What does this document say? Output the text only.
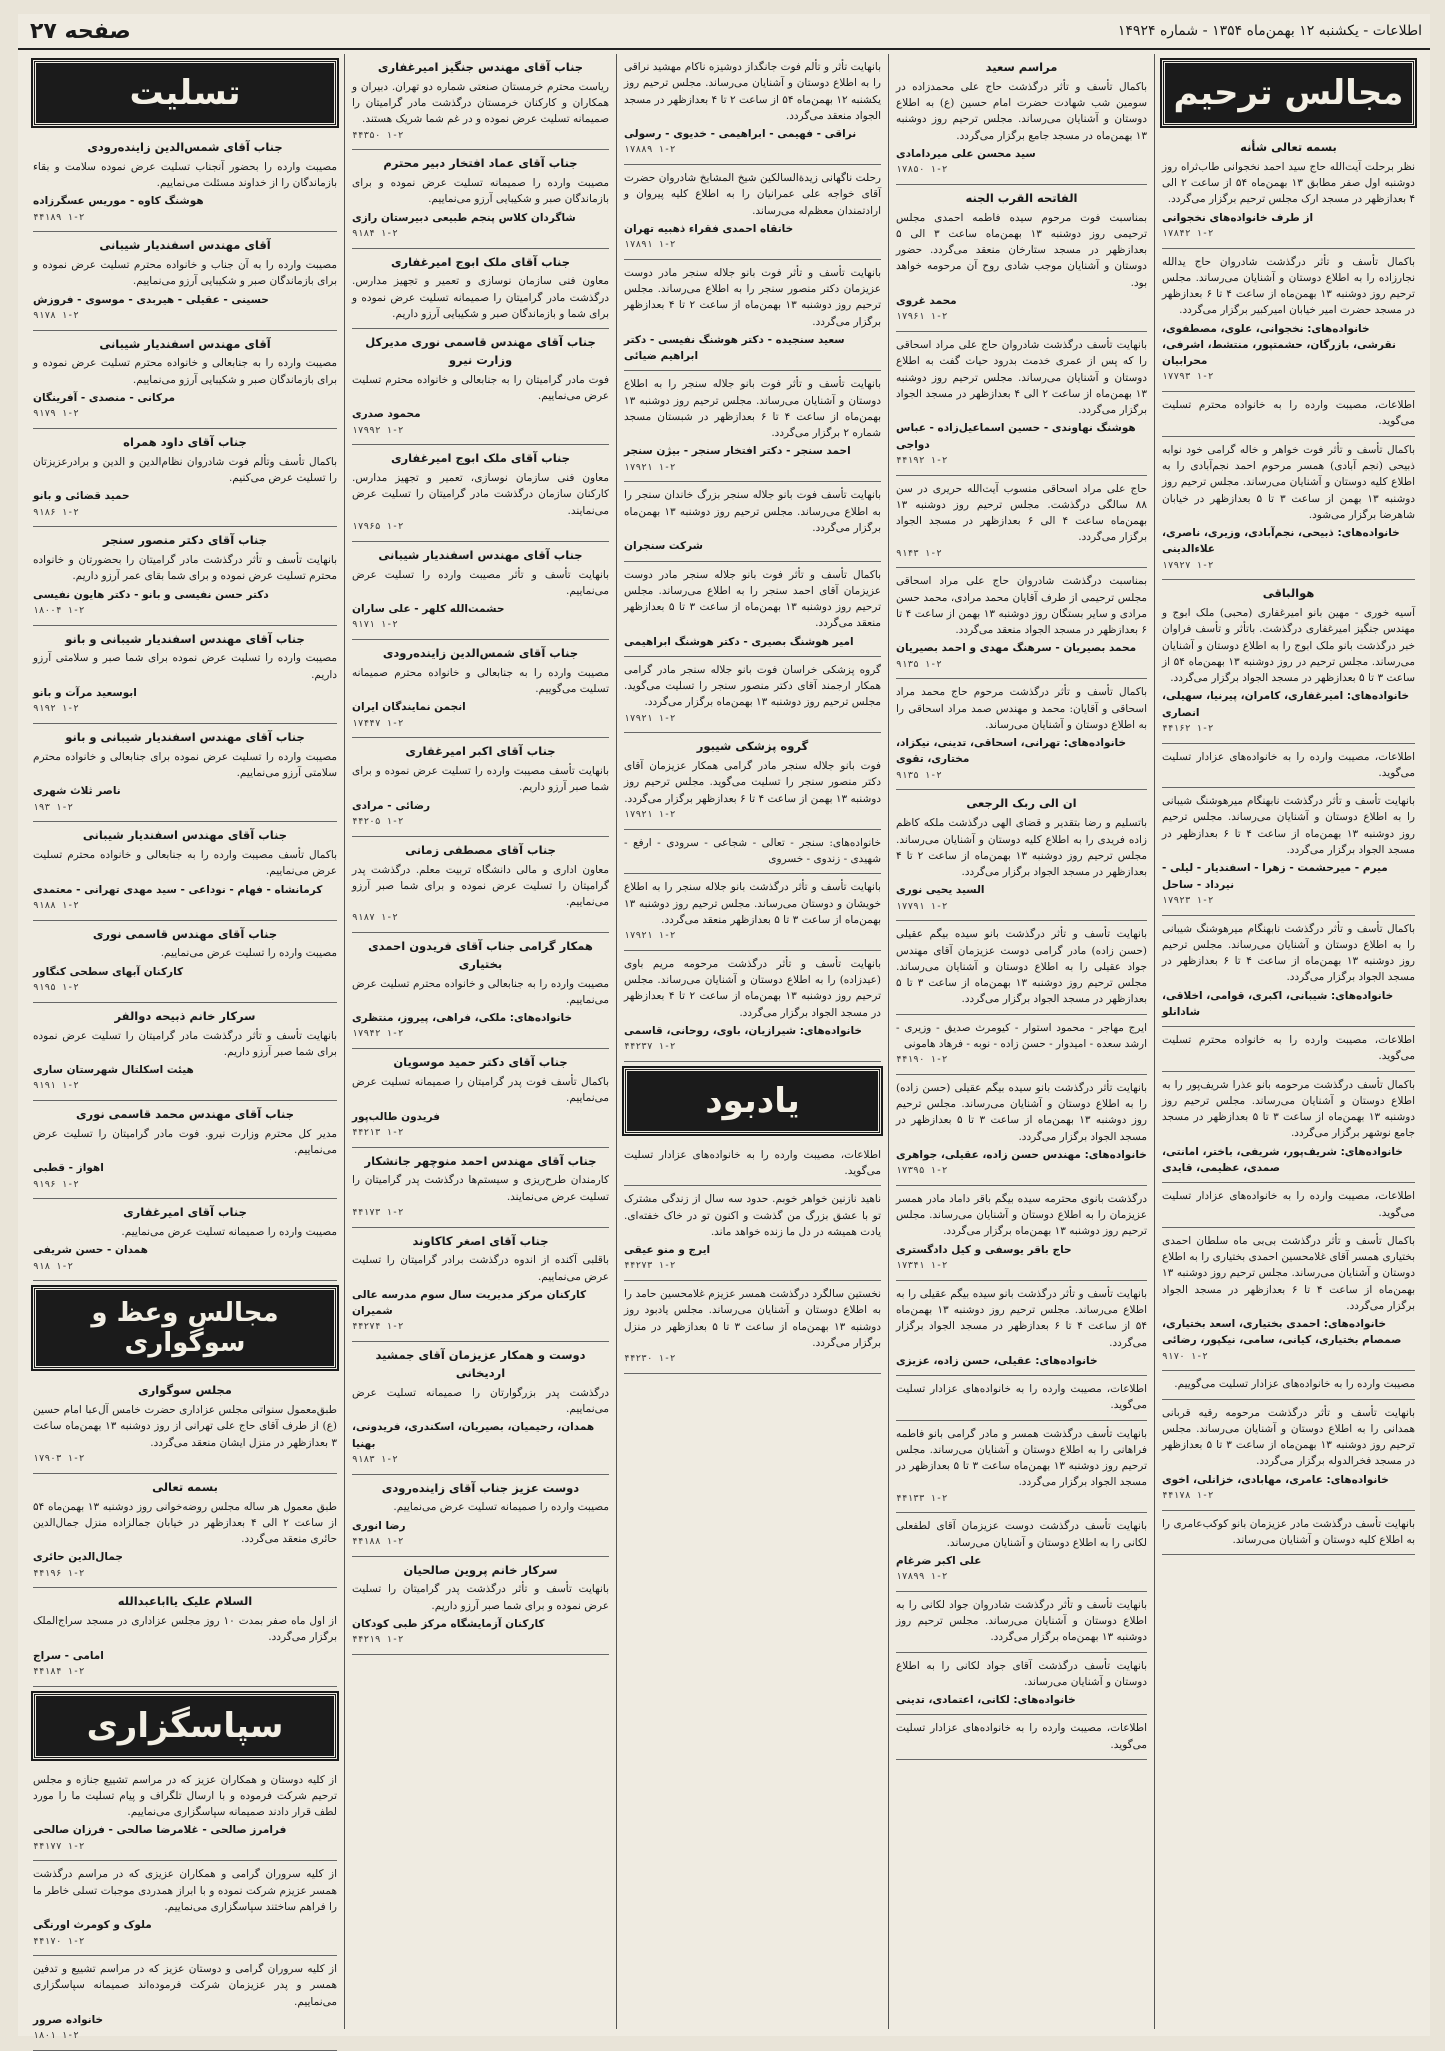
اطلاعات - یکشنبه ۱۲ بهمن‌ماه ۱۳۵۴ - شماره ۱۴۹۲۴
صفحه ۲۷
مجالس ترحیم
بسمه تعالی شأنه
نظر برحلت آیت‌الله حاج سید احمد نخجوانی طاب‌ثراه روز دوشنبه اول صفر مطابق ۱۳ بهمن‌ماه ۵۴ از ساعت ۲ الی ۴ بعدازظهر در مسجد ارک مجلس ترحیم برگزار می‌گردد.
از طرف خانواده‌های نخجوانی
۱-۲ ۱۷۸۴۲
باکمال تأسف و تأثر درگذشت شادروان حاج یدالله نجارزاده را به اطلاع دوستان و آشنایان می‌رساند. مجلس ترحیم روز دوشنبه ۱۳ بهمن‌ماه از ساعت ۴ تا ۶ بعدازظهر در مسجد حضرت امیر خیابان امیرکبیر برگزار می‌گردد.
خانواده‌های: نخجوانی، علوی، مصطفوی، نقرشی، بازرگان، حشمتپور، منتشط، اشرفی، محرابیان
۱-۲ ۱۷۷۹۳
اطلاعات، مصیبت وارده را به خانواده محترم تسلیت می‌گوید.
باکمال تأسف و تأثر فوت خواهر و خاله گرامی خود نوابه ذبیحی (نجم آبادی) همسر مرحوم احمد نجم‌آبادی را به اطلاع کلیه دوستان و آشنایان می‌رساند. مجلس ترحیم روز دوشنبه ۱۳ بهمن از ساعت ۳ تا ۵ بعدازظهر در خیابان شاهرضا برگزار می‌شود.
خانواده‌های: ذبیحی، نجم‌آبادی، وزیری، ناصری، علاءالدینی
۱-۲ ۱۷۹۲۷
هوالباقی
آسیه خوری - مهین بانو امیرغفاری (محبی) ملک ابوج و مهندس جنگیز امیرغفاری درگذشت. باتأثر و تأسف فراوان خبر درگذشت بانو ملک ابوج را به اطلاع دوستان و آشنایان می‌رساند. مجلس ترحیم در روز دوشنبه ۱۳ بهمن‌ماه ۵۴ از ساعت ۳ تا ۵ بعدازظهر در مسجد الجواد برگزار می‌گردد.
خانواده‌های: امیرغفاری، کامران، پیرنیا، سهیلی، انصاری
۱-۲ ۴۴۱۶۲
اطلاعات، مصیبت وارده را به خانواده‌های عزادار تسلیت می‌گوید.
بانهایت تأسف و تأثر درگذشت نابهنگام میرهوشنگ شیبانی را به اطلاع دوستان و آشنایان می‌رساند. مجلس ترحیم روز دوشنبه ۱۳ بهمن‌ماه از ساعت ۴ تا ۶ بعدازظهر در مسجد الجواد برگزار می‌گردد.
میرم - میرحشمت - زهرا - اسفندیار - لیلی - نیرداد - ساحل
۱-۲ ۱۷۹۲۳
باکمال تأسف و تأثر درگذشت نابهنگام میرهوشنگ شیبانی را به اطلاع دوستان و آشنایان می‌رساند. مجلس ترحیم روز دوشنبه ۱۳ بهمن‌ماه از ساعت ۴ تا ۶ بعدازظهر در مسجد الجواد برگزار می‌گردد.
خانواده‌های: شیبانی، اکبری، قوامی، اخلاقی، شادانلو
اطلاعات، مصیبت وارده را به خانواده محترم تسلیت می‌گوید.
باکمال تأسف درگذشت مرحومه بانو عذرا شریف‌پور را به اطلاع دوستان و آشنایان می‌رساند. مجلس ترحیم روز دوشنبه ۱۳ بهمن‌ماه از ساعت ۳ تا ۵ بعدازظهر در مسجد جامع نوشهر برگزار می‌گردد.
خانواده‌های: شریف‌پور، شریفی، باختر، امانتی، صمدی، عظیمی، قایدی
اطلاعات، مصیبت وارده را به خانواده‌های عزادار تسلیت می‌گوید.
باکمال تأسف و تأثر درگذشت بی‌بی ماه سلطان احمدی بختیاری همسر آقای غلامحسین احمدی بختیاری را به اطلاع دوستان و آشنایان می‌رساند. مجلس ترحیم روز دوشنبه ۱۳ بهمن‌ماه از ساعت ۴ تا ۶ بعدازظهر در مسجد الجواد برگزار می‌گردد.
خانواده‌های: احمدی بختیاری، اسعد بختیاری، صمصام بختیاری، کیانی، سامی، نیکپور، رضائی
۱-۲ ۹۱۷۰
مصیبت وارده را به خانواده‌های عزادار تسلیت می‌گوییم.
بانهایت تأسف و تأثر درگذشت مرحومه رقیه قربانی همدانی را به اطلاع دوستان و آشنایان می‌رساند. مجلس ترحیم روز دوشنبه ۱۳ بهمن‌ماه از ساعت ۳ تا ۵ بعدازظهر در مسجد فخرالدوله برگزار می‌گردد.
خانواده‌های: عامری، مهابادی، خزانلی، اخوی
۱-۲ ۴۴۱۷۸
بانهایت تأسف درگذشت مادر عزیزمان بانو کوکب‌عامری را به اطلاع کلیه دوستان و آشنایان می‌رساند.
مراسم سعید
باکمال تأسف و تأثر درگذشت حاج علی محمدزاده در سومین شب شهادت حضرت امام حسین (ع) به اطلاع دوستان و آشنایان می‌رساند. مجلس ترحیم روز دوشنبه ۱۳ بهمن‌ماه در مسجد جامع برگزار می‌گردد.
سید محسن علی میردامادی
۱-۲ ۱۷۸۵۰
الفاتحه القرب الجنه
بمناسبت فوت مرحوم سیده فاطمه احمدی مجلس ترحیمی روز دوشنبه ۱۳ بهمن‌ماه ساعت ۳ الی ۵ بعدازظهر در مسجد ستارخان منعقد می‌گردد. حضور دوستان و آشنایان موجب شادی روح آن مرحومه خواهد بود.
محمد غروی
۱-۲ ۱۷۹۶۱
بانهایت تأسف درگذشت شادروان حاج علی مراد اسحاقی را که پس از عمری خدمت بدرود حیات گفت به اطلاع دوستان و آشنایان می‌رساند. مجلس ترحیم روز دوشنبه ۱۳ بهمن‌ماه از ساعت ۲ الی ۴ بعدازظهر در مسجد الجواد برگزار می‌گردد.
هوشنگ نهاوندی - حسین اسماعیل‌زاده - عباس دواجی
۱-۲ ۴۴۱۹۲
حاج علی مراد اسحاقی منسوب آیت‌الله حریری در سن ۸۸ سالگی درگذشت. مجلس ترحیم روز دوشنبه ۱۳ بهمن‌ماه ساعت ۴ الی ۶ بعدازظهر در مسجد الجواد برگزار می‌گردد.
۱-۲ ۹۱۴۳
بمناسبت درگذشت شادروان حاج علی مراد اسحاقی مجلس ترحیمی از طرف آقایان محمد مرادی، محمد حسن مرادی و سایر بستگان روز دوشنبه ۱۳ بهمن از ساعت ۴ تا ۶ بعدازظهر در مسجد الجواد منعقد می‌گردد.
محمد بصیریان - سرهنگ مهدی و احمد بصیریان
۱-۲ ۹۱۳۵
باکمال تأسف و تأثر درگذشت مرحوم حاج محمد مراد اسحاقی و آقایان: محمد و مهندس صمد مراد اسحاقی را به اطلاع دوستان و آشنایان می‌رساند.
خانواده‌های: تهرانی، اسحاقی، تدینی، نیکزاد، مختاری، تقوی
۱-۲ ۹۱۳۵
ان الی ربک الرجعی
باتسلیم و رضا بتقدیر و قضای الهی درگذشت ملکه کاظم زاده فریدی را به اطلاع کلیه دوستان و آشنایان می‌رساند. مجلس ترحیم روز دوشنبه ۱۳ بهمن‌ماه از ساعت ۲ تا ۴ بعدازظهر در مسجد الجواد برگزار می‌گردد.
السید یحیی نوری
۱-۲ ۱۷۷۹۱
بانهایت تأسف و تأثر درگذشت بانو سیده بیگم عقیلی (حسن زاده) مادر گرامی دوست عزیزمان آقای مهندس جواد عقیلی را به اطلاع دوستان و آشنایان می‌رساند. مجلس ترحیم روز دوشنبه ۱۳ بهمن‌ماه از ساعت ۳ تا ۵ بعدازظهر در مسجد الجواد برگزار می‌گردد.
ایرج مهاجر - محمود استوار - کیومرث صدیق - وزیری - ارشد سعده - امیدوار - حسن زاده - نوبه - فرهاد هامونی
۱-۲ ۴۴۱۹۰
بانهایت تأثر درگذشت بانو سیده بیگم عقیلی (حسن زاده) را به اطلاع دوستان و آشنایان می‌رساند. مجلس ترحیم روز دوشنبه ۱۳ بهمن‌ماه از ساعت ۳ تا ۵ بعدازظهر در مسجد الجواد برگزار می‌گردد.
خانواده‌های: مهندس حسن زاده، عقیلی، جواهری
۱-۲ ۱۷۳۹۵
درگذشت بانوی محترمه سیده بیگم باقر داماد مادر همسر عزیزمان را به اطلاع دوستان و آشنایان می‌رساند. مجلس ترحیم روز دوشنبه ۱۳ بهمن‌ماه برگزار می‌گردد.
حاج باقر یوسفی و کیل دادگستری
۱-۲ ۱۷۳۴۱
بانهایت تأسف و تأثر درگذشت بانو سیده بیگم عقیلی را به اطلاع می‌رساند. مجلس ترحیم روز دوشنبه ۱۳ بهمن‌ماه ۵۴ از ساعت ۴ تا ۶ بعدازظهر در مسجد الجواد برگزار می‌گردد.
خانواده‌های: عقیلی، حسن زاده، عزیزی
اطلاعات، مصیبت وارده را به خانواده‌های عزادار تسلیت می‌گوید.
بانهایت تأسف درگذشت همسر و مادر گرامی بانو فاطمه فراهانی را به اطلاع دوستان و آشنایان می‌رساند. مجلس ترحیم روز دوشنبه ۱۳ بهمن‌ماه ساعت ۳ تا ۵ بعدازظهر در مسجد الجواد برگزار می‌گردد.
۱-۲ ۴۴۱۳۳
بانهایت تأسف درگذشت دوست عزیزمان آقای لطفعلی لکانی را به اطلاع دوستان و آشنایان می‌رساند.
علی اکبر ضرغام
۱-۲ ۱۷۸۹۹
بانهایت تأسف و تأثر درگذشت شادروان جواد لکانی را به اطلاع دوستان و آشنایان می‌رساند. مجلس ترحیم روز دوشنبه ۱۳ بهمن‌ماه برگزار می‌گردد.
بانهایت تأسف درگذشت آقای جواد لکانی را به اطلاع دوستان و آشنایان می‌رساند.
خانواده‌های: لکانی، اعتمادی، تدینی
اطلاعات، مصیبت وارده را به خانواده‌های عزادار تسلیت می‌گوید.
بانهایت تأثر و تألم فوت جانگداز دوشیزه ناکام مهشید نراقی را به اطلاع دوستان و آشنایان می‌رساند. مجلس ترحیم روز یکشنبه ۱۲ بهمن‌ماه ۵۴ از ساعت ۲ تا ۴ بعدازظهر در مسجد الجواد منعقد می‌گردد.
نراقی - فهیمی - ابراهیمی - خدیوی - رسولی
۱-۲ ۱۷۸۸۹
رحلت ناگهانی زیدةالسالکین شیخ المشایخ شادروان حضرت آقای خواجه علی عمرانیان را به اطلاع کلیه پیروان و ارادتمندان معظم‌له می‌رساند.
خانقاه احمدی فقراء ذهبیه تهران
۱-۲ ۱۷۸۹۱
بانهایت تأسف و تأثر فوت بانو جلاله سنجر مادر دوست عزیزمان دکتر منصور سنجر را به اطلاع می‌رساند. مجلس ترحیم روز دوشنبه ۱۳ بهمن‌ماه از ساعت ۲ تا ۴ بعدازظهر برگزار می‌گردد.
سعید سنجیده - دکتر هوشنگ نفیسی - دکتر ابراهیم ضیائی
بانهایت تأسف و تأثر فوت بانو جلاله سنجر را به اطلاع دوستان و آشنایان می‌رساند. مجلس ترحیم روز دوشنبه ۱۳ بهمن‌ماه از ساعت ۴ تا ۶ بعدازظهر در شبستان مسجد شماره ۲ برگزار می‌گردد.
احمد سنجر - دکتر افتخار سنجر - بیژن سنجر
۱-۲ ۱۷۹۲۱
بانهایت تأسف فوت بانو جلاله سنجر بزرگ خاندان سنجر را به اطلاع می‌رساند. مجلس ترحیم روز دوشنبه ۱۳ بهمن‌ماه برگزار می‌گردد.
شرکت سنجران
باکمال تأسف و تأثر فوت بانو جلاله سنجر مادر دوست عزیزمان آقای احمد سنجر را به اطلاع می‌رساند. مجلس ترحیم روز دوشنبه ۱۳ بهمن‌ماه از ساعت ۳ تا ۵ بعدازظهر منعقد می‌گردد.
امیر هوشنگ بصیری - دکتر هوشنگ ابراهیمی
گروه پزشکی خراسان فوت بانو جلاله سنجر مادر گرامی همکار ارجمند آقای دکتر منصور سنجر را تسلیت می‌گوید. مجلس ترحیم روز دوشنبه ۱۳ بهمن‌ماه برگزار می‌گردد.
۱-۲ ۱۷۹۲۱
گروه پزشکی شیبور
فوت بانو جلاله سنجر مادر گرامی همکار عزیزمان آقای دکتر منصور سنجر را تسلیت می‌گوید. مجلس ترحیم روز دوشنبه ۱۳ بهمن از ساعت ۴ تا ۶ بعدازظهر برگزار می‌گردد.
۱-۲ ۱۷۹۲۱
خانواده‌های: سنجر - تعالی - شجاعی - سرودی - ارفع - شهیدی - زندوی - خسروی
بانهایت تأسف و تأثر درگذشت بانو جلاله سنجر را به اطلاع خویشان و دوستان می‌رساند. مجلس ترحیم روز دوشنبه ۱۳ بهمن‌ماه از ساعت ۳ تا ۵ بعدازظهر منعقد می‌گردد.
۱-۲ ۱۷۹۲۱
بانهایت تأسف و تأثر درگذشت مرحومه مریم باوی (عیدزاده) را به اطلاع دوستان و آشنایان می‌رساند. مجلس ترحیم روز دوشنبه ۱۳ بهمن‌ماه از ساعت ۲ تا ۴ بعدازظهر در مسجد الجواد برگزار می‌گردد.
خانواده‌های: شیرازیان، باوی، روحانی، قاسمی
۱-۲ ۴۴۲۳۷
یادبود
اطلاعات، مصیبت وارده را به خانواده‌های عزادار تسلیت می‌گوید.
ناهید نازنین خواهر خوبم. حدود سه سال از زندگی مشترک تو با عشق بزرگ من گذشت و اکنون تو در خاک خفته‌ای. یادت همیشه در دل ما زنده خواهد ماند.
ایرج و منو عیقی
۱-۲ ۴۴۲۷۳
نخستین سالگرد درگذشت همسر عزیزم غلامحسین حامد را به اطلاع دوستان و آشنایان می‌رساند. مجلس یادبود روز دوشنبه ۱۳ بهمن‌ماه از ساعت ۳ تا ۵ بعدازظهر در منزل برگزار می‌گردد.
۱-۲ ۴۴۲۳۰
جناب آقای مهندس جنگیز امیرغفاری
ریاست محترم خرمستان صنعتی شماره دو تهران. دبیران و همکاران و کارکنان خرمستان درگذشت مادر گرامیتان را صمیمانه تسلیت عرض نموده و در غم شما شریک هستند.
۱-۲ ۴۴۳۵۰
جناب آقای عماد افتخار دبیر محترم
مصیبت وارده را صمیمانه تسلیت عرض نموده و برای بازماندگان صبر و شکیبایی آرزو می‌نماییم.
شاگردان کلاس پنجم طبیعی دبیرستان رازی
۱-۲ ۹۱۸۴
جناب آقای ملک ابوج امیرغفاری
معاون فنی سازمان نوسازی و تعمیر و تجهیز مدارس. درگذشت مادر گرامیتان را صمیمانه تسلیت عرض نموده و برای شما و بازماندگان صبر و شکیبایی آرزو داریم.
جناب آقای مهندس قاسمی نوری مدیرکل وزارت نیرو
فوت مادر گرامیتان را به جنابعالی و خانواده محترم تسلیت عرض می‌نماییم.
محمود صدری
۱-۲ ۱۷۹۹۲
جناب آقای ملک ابوج امیرغفاری
معاون فنی سازمان نوسازی، تعمیر و تجهیز مدارس. کارکنان سازمان درگذشت مادر گرامیتان را تسلیت عرض می‌نمایند.
۱-۲ ۱۷۹۶۵
جناب آقای مهندس اسفندیار شیبانی
بانهایت تأسف و تأثر مصیبت وارده را تسلیت عرض می‌نماییم.
حشمت‌الله کلهر - علی ساران
۱-۲ ۹۱۷۱
جناب آقای شمس‌الدین زاینده‌رودی
مصیبت وارده را به جنابعالی و خانواده محترم صمیمانه تسلیت می‌گوییم.
انجمن نمایندگان ایران
۱-۲ ۱۷۴۴۷
جناب آقای اکبر امیرغفاری
بانهایت تأسف مصیبت وارده را تسلیت عرض نموده و برای شما صبر آرزو داریم.
رضائی - مرادی
۱-۲ ۴۴۲۰۵
جناب آقای مصطفی زمانی
معاون اداری و مالی دانشگاه تربیت معلم. درگذشت پدر گرامیتان را تسلیت عرض نموده و برای شما صبر آرزو می‌نماییم.
۱-۲ ۹۱۸۷
همکار گرامی جناب آقای فریدون احمدی بختیاری
مصیبت وارده را به جنابعالی و خانواده محترم تسلیت عرض می‌نماییم.
خانواده‌های: ملکی، فراهی، پیروز، منتظری
۱-۲ ۱۷۹۴۲
جناب آقای دکتر حمید موسویان
باکمال تأسف فوت پدر گرامیتان را صمیمانه تسلیت عرض می‌نماییم.
فریدون طالب‌پور
۱-۲ ۴۴۲۱۳
جناب آقای مهندس احمد منوچهر جانشکار
کارمندان طرح‌ریزی و سیستم‌ها درگذشت پدر گرامیتان را تسلیت عرض می‌نمایند.
۱-۲ ۴۴۱۷۳
جناب آقای اصغر کاکاوند
باقلبی آکنده از اندوه درگذشت برادر گرامیتان را تسلیت عرض می‌نماییم.
کارکنان مرکز مدیریت سال سوم مدرسه عالی شمیران
۱-۲ ۴۴۲۷۴
دوست و همکار عزیزمان آقای جمشید اردیخانی
درگذشت پدر بزرگوارتان را صمیمانه تسلیت عرض می‌نماییم.
همدان، رحیمیان، بصیریان، اسکندری، فریدونی، بهنیا
۱-۲ ۹۱۸۳
دوست عزیز جناب آقای زاینده‌رودی
مصیبت وارده را صمیمانه تسلیت عرض می‌نماییم.
رضا انوری
۱-۲ ۴۴۱۸۸
سرکار خانم پروین صالحیان
بانهایت تأسف و تأثر درگذشت پدر گرامیتان را تسلیت عرض نموده و برای شما صبر آرزو داریم.
کارکنان آزمایشگاه مرکز طبی کودکان
۱-۲ ۴۴۲۱۹
تسلیت
جناب آقای شمس‌الدین زاینده‌رودی
مصیبت وارده را بحضور آنجناب تسلیت عرض نموده سلامت و بقاء بازماندگان را از خداوند مسئلت می‌نماییم.
هوشنگ کاوه - موریس عسگرزاده
۱-۲ ۴۴۱۸۹
آقای مهندس اسفندیار شیبانی
مصیبت وارده را به آن جناب و خانواده محترم تسلیت عرض نموده و برای بازماندگان صبر و شکیبایی آرزو می‌نماییم.
حسینی - عقیلی - هیربدی - موسوی - فروزش
۱-۲ ۹۱۷۸
آقای مهندس اسفندیار شیبانی
مصیبت وارده را به جنابعالی و خانواده محترم تسلیت عرض نموده و برای بازماندگان صبر و شکیبایی آرزو می‌نماییم.
مرکانی - منصدی - آفرینگان
۱-۲ ۹۱۷۹
جناب آقای داود همراه
باکمال تأسف وتألم فوت شادروان نظام‌الدین و الدین و برادرعزیزتان را تسلیت عرض می‌کنیم.
حمید قضائی و بانو
۱-۲ ۹۱۸۶
جناب آقای دکتر منصور سنجر
بانهایت تأسف و تأثر درگذشت مادر گرامیتان را بحضورتان و خانواده محترم تسلیت عرض نموده و برای شما بقای عمر آرزو داریم.
دکتر حسن نفیسی و بانو - دکتر هایون نفیسی
۱-۲ ۱۸۰۰۴
جناب آقای مهندس اسفندیار شیبانی و بانو
مصیبت وارده را تسلیت عرض نموده برای شما صبر و سلامتی آرزو داریم.
ابوسعید مرآت و بانو
۱-۲ ۹۱۹۲
جناب آقای مهندس اسفندیار شیبانی و بانو
مصیبت وارده را تسلیت عرض نموده برای جنابعالی و خانواده محترم سلامتی آرزو می‌نماییم.
ناصر ثلاث شهری
۱-۲ ۱۹۳
جناب آقای مهندس اسفندیار شیبانی
باکمال تأسف مصیبت وارده را به جنابعالی و خانواده محترم تسلیت عرض می‌نماییم.
کرمانشاه - فهام - نوداعی - سید مهدی تهرانی - معتمدی
۱-۲ ۹۱۸۸
جناب آقای مهندس قاسمی نوری
مصیبت وارده را تسلیت عرض می‌نماییم.
کارکنان آبهای سطحی کنگاور
۱-۲ ۹۱۹۵
سرکار خانم ذبیحه دوالفر
بانهایت تأسف و تأثر درگذشت مادر گرامیتان را تسلیت عرض نموده برای شما صبر آرزو داریم.
هیئت اسکلتال شهرستان ساری
۱-۲ ۹۱۹۱
جناب آقای مهندس محمد قاسمی نوری
مدیر کل محترم وزارت نیرو. فوت مادر گرامیتان را تسلیت عرض می‌نماییم.
اهواز - قطبی
۱-۲ ۹۱۹۶
جناب آقای امیرغفاری
مصیبت وارده را صمیمانه تسلیت عرض می‌نماییم.
همدان - حسن شریفی
۱-۲ ۹۱۸
مجالس وعظ و سوگواری
مجلس سوگواری
طبق‌معمول سنواتی مجلس عزاداری حضرت خامس آل‌عبا امام حسین (ع) از طرف آقای حاج علی تهرانی از روز دوشنبه ۱۳ بهمن‌ماه ساعت ۳ بعدازظهر در منزل ایشان منعقد می‌گردد.
۱-۲ ۱۷۹۰۳
بسمه تعالی
طبق معمول هر ساله مجلس روضه‌خوانی روز دوشنبه ۱۳ بهمن‌ماه ۵۴ از ساعت ۲ الی ۴ بعدازظهر در خیابان جمالزاده منزل جمال‌الدین حائری منعقد می‌گردد.
جمال‌الدین حائری
۱-۲ ۴۴۱۹۶
السلام علیک یااباعبدالله
از اول ماه صفر بمدت ۱۰ روز مجلس عزاداری در مسجد سراج‌الملک برگزار می‌گردد.
امامی - سراج
۱-۲ ۴۴۱۸۴
سپاسگزاری
از کلیه دوستان و همکاران عزیز که در مراسم تشییع جنازه و مجلس ترحیم شرکت فرموده و با ارسال تلگراف و پیام تسلیت ما را مورد لطف قرار دادند صمیمانه سپاسگزاری می‌نماییم.
فرامرز صالحی - غلامرضا صالحی - فرزان صالحی
۱-۲ ۴۴۱۷۷
از کلیه سروران گرامی و همکاران عزیزی که در مراسم درگذشت همسر عزیزم شرکت نموده و با ابراز همدردی موجبات تسلی خاطر ما را فراهم ساختند سپاسگزاری می‌نماییم.
ملوک و کومرث اورنگی
۱-۲ ۴۴۱۷۰
از کلیه سروران گرامی و دوستان عزیز که در مراسم تشییع و تدفین همسر و پدر عزیزمان شرکت فرموده‌اند صمیمانه سپاسگزاری می‌نماییم.
خانواده صرور
۱-۲ ۱۸۰۱
